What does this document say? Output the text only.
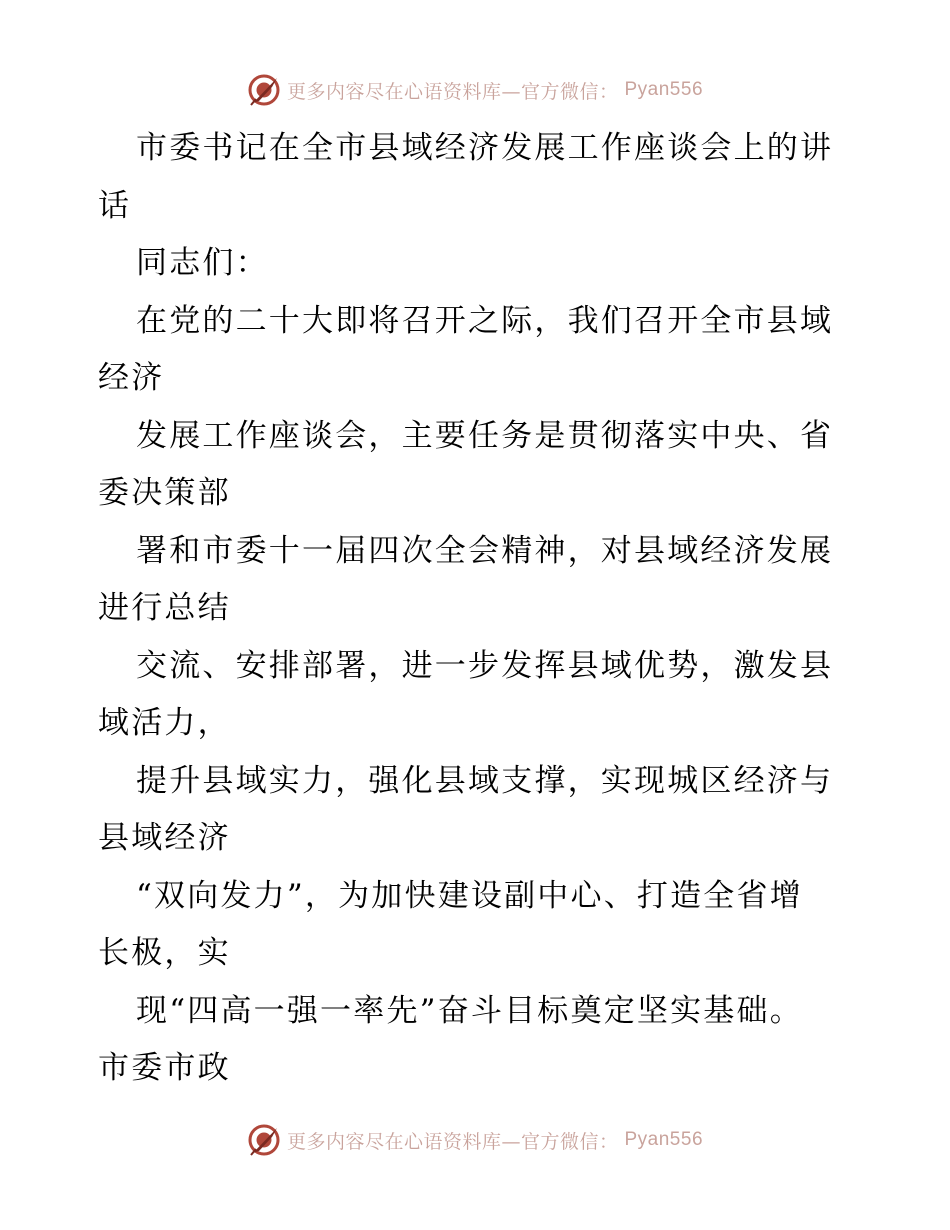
更多内容尽在心语资料库—官方微信： Pyan556
市委书记在全市县域经济发展工作座谈会上的讲
话
同志们：
在党的二十大即将召开之际，我们召开全市县域
经济
发展工作座谈会，主要任务是贯彻落实中央、省
委决策部
署和市委十一届四次全会精神，对县域经济发展
进行总结
交流、安排部署，进一步发挥县域优势，激发县
域活力，
提升县域实力，强化县域支撑，实现城区经济与
县域经济
“双向发力”，为加快建设副中心、打造全省增
长极，实
现“四高一强一率先”奋斗目标奠定坚实基础。
市委市政
更多内容尽在心语资料库—官方微信： Pyan556
